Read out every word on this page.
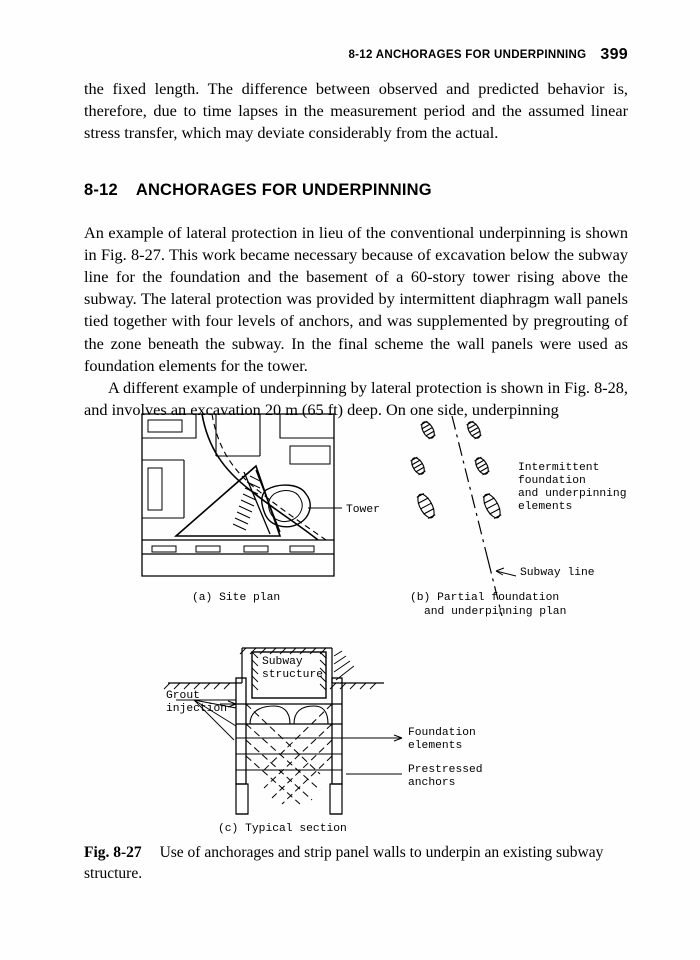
8-12 ANCHORAGES FOR UNDERPINNING 399

the fixed length. The difference between observed and predicted behavior is, therefore, due to time lapses in the measurement period and the assumed linear stress transfer, which may deviate considerably from the actual.

8-12 ANCHORAGES FOR UNDERPINNING

An example of lateral protection in lieu of the conventional underpinning is shown in Fig. 8-27. This work became necessary because of excavation below the subway line for the foundation and the basement of a 60-story tower rising above the subway. The lateral protection was provided by intermittent diaphragm wall panels tied together with four levels of anchors, and was supplemented by pregrouting of the zone beneath the subway. In the final scheme the wall panels were used as foundation elements for the tower.

A different example of underpinning by lateral protection is shown in Fig. 8-28, and involves an excavation 20 m (65 ft) deep. On one side, underpinning

Tower
(a) Site plan
Intermittent
foundation
and underpinning
elements
Subway line
(b) Partial foundation
and underpinning plan
Subway
structure
Grout
injection
Foundation
elements
Prestressed
anchors
(c) Typical section
Fig. 8-27 Use of anchorages and strip panel walls to underpin an existing subway structure.
